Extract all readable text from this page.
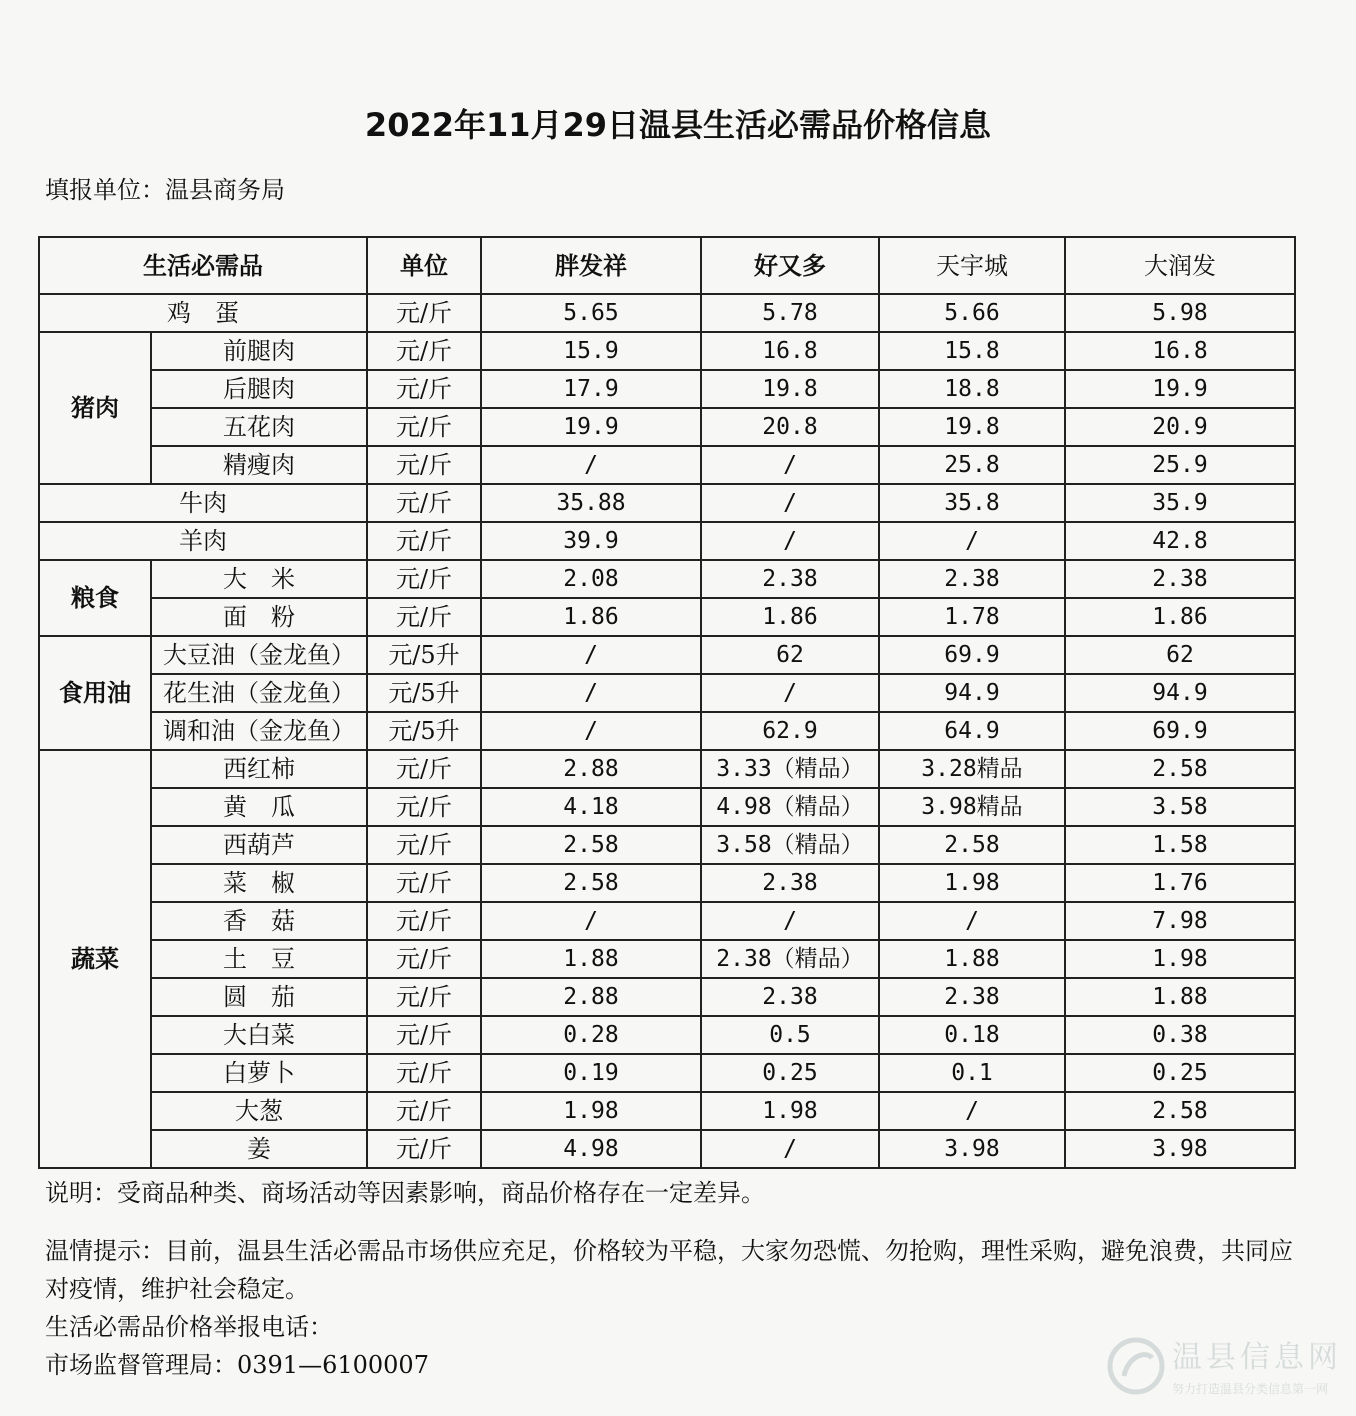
2022年11月29日温县生活必需品价格信息
填报单位：温县商务局
生活必需品		单位	胖发祥	好又多	天宇城	大润发
鸡　蛋		元/斤	5.65	5.78	5.66	5.98
猪肉	前腿肉	元/斤	15.9	16.8	15.8	16.8
	后腿肉	元/斤	17.9	19.8	18.8	19.9
	五花肉	元/斤	19.9	20.8	19.8	20.9
	精瘦肉	元/斤	/	/	25.8	25.9
牛肉		元/斤	35.88	/	35.8	35.9
羊肉		元/斤	39.9	/	/	42.8
粮食	大　米	元/斤	2.08	2.38	2.38	2.38
	面　粉	元/斤	1.86	1.86	1.78	1.86
食用油	大豆油（金龙鱼）	元/5升	/	62	69.9	62
	花生油（金龙鱼）	元/5升	/	/	94.9	94.9
	调和油（金龙鱼）	元/5升	/	62.9	64.9	69.9
蔬菜	西红柿	元/斤	2.88	3.33（精品）	3.28精品	2.58
	黄　瓜	元/斤	4.18	4.98（精品）	3.98精品	3.58
	西葫芦	元/斤	2.58	3.58（精品）	2.58	1.58
	菜　椒	元/斤	2.58	2.38	1.98	1.76
	香　菇	元/斤	/	/	/	7.98
	土　豆	元/斤	1.88	2.38（精品）	1.88	1.98
	圆　茄	元/斤	2.88	2.38	2.38	1.88
	大白菜	元/斤	0.28	0.5	0.18	0.38
	白萝卜	元/斤	0.19	0.25	0.1	0.25
	大葱	元/斤	1.98	1.98	/	2.58
	姜	元/斤	4.98	/	3.98	3.98
说明：受商品种类、商场活动等因素影响，商品价格存在一定差异。

温情提示：目前，温县生活必需品市场供应充足，价格较为平稳，大家勿恐慌、勿抢购，理性采购，避免浪费，共同应对疫情，维护社会稳定。

生活必需品价格举报电话：

市场监督管理局：0391—6100007	温县信息网
努力打造温县分类信息第一网
